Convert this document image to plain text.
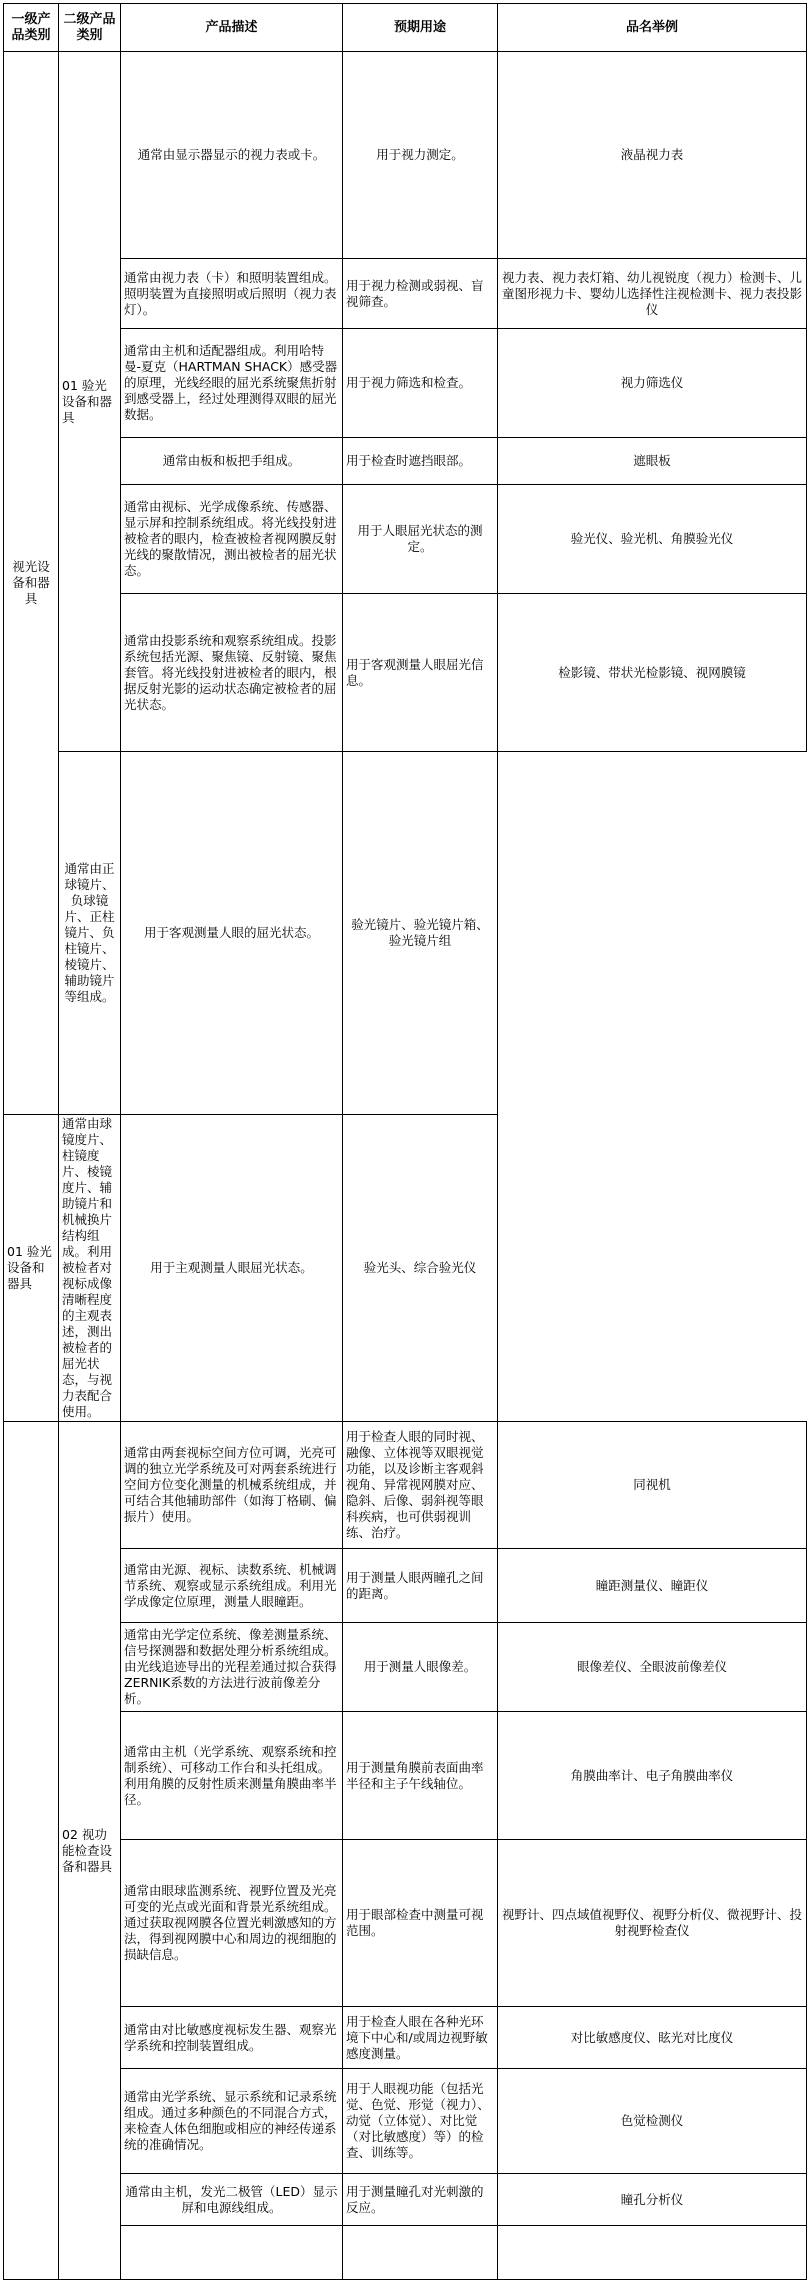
一级产品类别	二级产品类别	产品描述	预期用途	品名举例
视光设备和器具	01 验光设备和器具	通常由显示器显示的视力表或卡。	用于视力测定。	液晶视力表
		通常由视力表（卡）和照明装置组成。照明装置为直接照明或后照明（视力表灯）。	用于视力检测或弱视、盲视筛查。	视力表、视力表灯箱、幼儿视锐度（视力）检测卡、儿童图形视力卡、婴幼儿选择性注视检测卡、视力表投影仪
		通常由主机和适配器组成。利用哈特曼-夏克（HARTMAN SHACK）感受器的原理，光线经眼的屈光系统聚焦折射到感受器上，经过处理测得双眼的屈光数据。	用于视力筛选和检查。	视力筛选仪
		通常由板和板把手组成。	用于检查时遮挡眼部。	遮眼板
		通常由视标、光学成像系统、传感器、显示屏和控制系统组成。将光线投射进被检者的眼内，检查被检者视网膜反射光线的聚散情况，测出被检者的屈光状态。	用于人眼屈光状态的测定。	验光仪、验光机、角膜验光仪
		通常由投影系统和观察系统组成。投影系统包括光源、聚焦镜、反射镜、聚焦套管。将光线投射进被检者的眼内，根据反射光影的运动状态确定被检者的屈光状态。	用于客观测量人眼屈光信息。	检影镜、带状光检影镜、视网膜镜
	通常由正球镜片、负球镜片、正柱镜片、负柱镜片、棱镜片、辅助镜片等组成。	用于客观测量人眼的屈光状态。	验光镜片、验光镜片箱、验光镜片组	
01 验光设备和器具	通常由球镜度片、柱镜度片、棱镜度片、辅助镜片和机械换片结构组成。利用被检者对视标成像清晰程度的主观表述，测出被检者的屈光状态，与视力表配合使用。	用于主观测量人眼屈光状态。	验光头、综合验光仪	
	02 视功能检查设备和器具	通常由两套视标空间方位可调，光亮可调的独立光学系统及可对两套系统进行空间方位变化测量的机械系统组成，并可结合其他辅助部件（如海丁格刷、偏振片）使用。	用于检查人眼的同时视、融像、立体视等双眼视觉功能，以及诊断主客观斜视角、异常视网膜对应、隐斜、后像、弱斜视等眼科疾病，也可供弱视训练、治疗。	同视机
		通常由光源、视标、读数系统、机械调节系统、观察或显示系统组成。利用光学成像定位原理，测量人眼瞳距。	用于测量人眼两瞳孔之间的距离。	瞳距测量仪、瞳距仪
		通常由光学定位系统、像差测量系统、信号探测器和数据处理分析系统组成。由光线追迹导出的光程差通过拟合获得ZERNIK系数的方法进行波前像差分析。	用于测量人眼像差。	眼像差仪、全眼波前像差仪
		通常由主机（光学系统、观察系统和控制系统）、可移动工作台和头托组成。利用角膜的反射性质来测量角膜曲率半径。	用于测量角膜前表面曲率半径和主子午线轴位。	角膜曲率计、电子角膜曲率仪
		通常由眼球监测系统、视野位置及光亮可变的光点或光面和背景光系统组成。通过获取视网膜各位置光刺激感知的方法，得到视网膜中心和周边的视细胞的损缺信息。	用于眼部检查中测量可视范围。	视野计、四点域值视野仪、视野分析仪、微视野计、投射视野检查仪
		通常由对比敏感度视标发生器、观察光学系统和控制装置组成。	用于检查人眼在各种光环境下中心和/或周边视野敏感度测量。	对比敏感度仪、眩光对比度仪
		通常由光学系统、显示系统和记录系统组成。通过多种颜色的不同混合方式，来检查人体色细胞或相应的神经传递系统的准确情况。	用于人眼视功能（包括光觉、色觉、形觉（视力）、动觉（立体觉）、对比觉（对比敏感度）等）的检查、训练等。	色觉检测仪
		通常由主机，发光二极管（LED）显示屏和电源线组成。	用于测量瞳孔对光刺激的反应。	瞳孔分析仪
